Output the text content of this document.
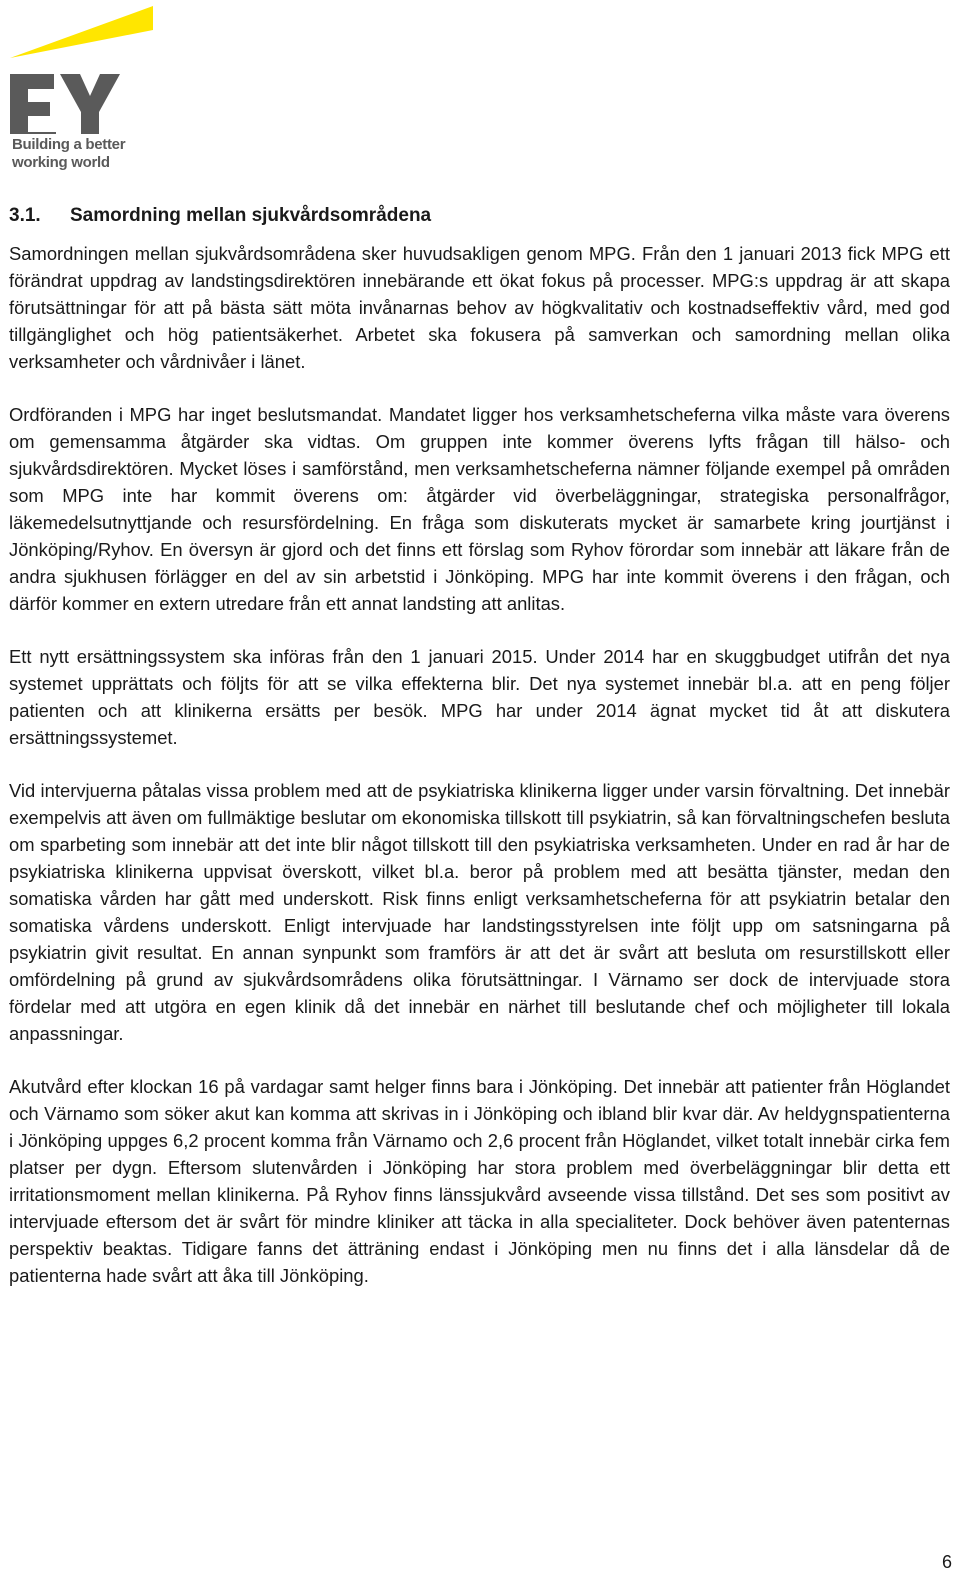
Building a better
working world
3.1.	Samordning mellan sjukvårdsområdena

Samordningen mellan sjukvårdsområdena sker huvudsakligen genom MPG. Från den 1 januari 2013 fick MPG ett förändrat uppdrag av landstingsdirektören innebärande ett ökat fokus på processer. MPG:s uppdrag är att skapa förutsättningar för att på bästa sätt möta invånarnas behov av högkvalitativ och kostnadseffektiv vård, med god tillgänglighet och hög patientsäkerhet. Arbetet ska fokusera på samverkan och samordning mellan olika verksamheter och vårdnivåer i länet.

Ordföranden i MPG har inget beslutsmandat. Mandatet ligger hos verksamhetscheferna vilka måste vara överens om gemensamma åtgärder ska vidtas. Om gruppen inte kommer överens lyfts frågan till hälso- och sjukvårdsdirektören. Mycket löses i samförstånd, men verksamhetscheferna nämner följande exempel på områden som MPG inte har kommit överens om: åtgärder vid överbeläggningar, strategiska personalfrågor, läkemedelsutnyttjande och resursfördelning. En fråga som diskuterats mycket är samarbete kring jourtjänst i Jönköping/Ryhov. En översyn är gjord och det finns ett förslag som Ryhov förordar som innebär att läkare från de andra sjukhusen förlägger en del av sin arbetstid i Jönköping. MPG har inte kommit överens i den frågan, och därför kommer en extern utredare från ett annat landsting att anlitas.

Ett nytt ersättningssystem ska införas från den 1 januari 2015. Under 2014 har en skuggbudget utifrån det nya systemet upprättats och följts för att se vilka effekterna blir. Det nya systemet innebär bl.a. att en peng följer patienten och att klinikerna ersätts per besök. MPG har under 2014 ägnat mycket tid åt att diskutera ersättningssystemet.

Vid intervjuerna påtalas vissa problem med att de psykiatriska klinikerna ligger under varsin förvaltning. Det innebär exempelvis att även om fullmäktige beslutar om ekonomiska tillskott till psykiatrin, så kan förvaltningschefen besluta om sparbeting som innebär att det inte blir något tillskott till den psykiatriska verksamheten. Under en rad år har de psykiatriska klinikerna uppvisat överskott, vilket bl.a. beror på problem med att besätta tjänster, medan den somatiska vården har gått med underskott. Risk finns enligt verksamhetscheferna för att psykiatrin betalar den somatiska vårdens underskott. Enligt intervjuade har landstingsstyrelsen inte följt upp om satsningarna på psykiatrin givit resultat. En annan synpunkt som framförs är att det är svårt att besluta om resurstillskott eller omfördelning på grund av sjukvårdsområdens olika förutsättningar. I Värnamo ser dock de intervjuade stora fördelar med att utgöra en egen klinik då det innebär en närhet till beslutande chef och möjligheter till lokala anpassningar.

Akutvård efter klockan 16 på vardagar samt helger finns bara i Jönköping. Det innebär att patienter från Höglandet och Värnamo som söker akut kan komma att skrivas in i Jönköping och ibland blir kvar där. Av heldygnspatienterna i Jönköping uppges 6,2 procent komma från Värnamo och 2,6 procent från Höglandet, vilket totalt innebär cirka fem platser per dygn. Eftersom slutenvården i Jönköping har stora problem med överbeläggningar blir detta ett irritationsmoment mellan klinikerna. På Ryhov finns länssjukvård avseende vissa tillstånd. Det ses som positivt av intervjuade eftersom det är svårt för mindre kliniker att täcka in alla specialiteter. Dock behöver även patenternas perspektiv beaktas. Tidigare fanns det ätträning endast i Jönköping men nu finns det i alla länsdelar då de patienterna hade svårt att åka till Jönköping.

6
